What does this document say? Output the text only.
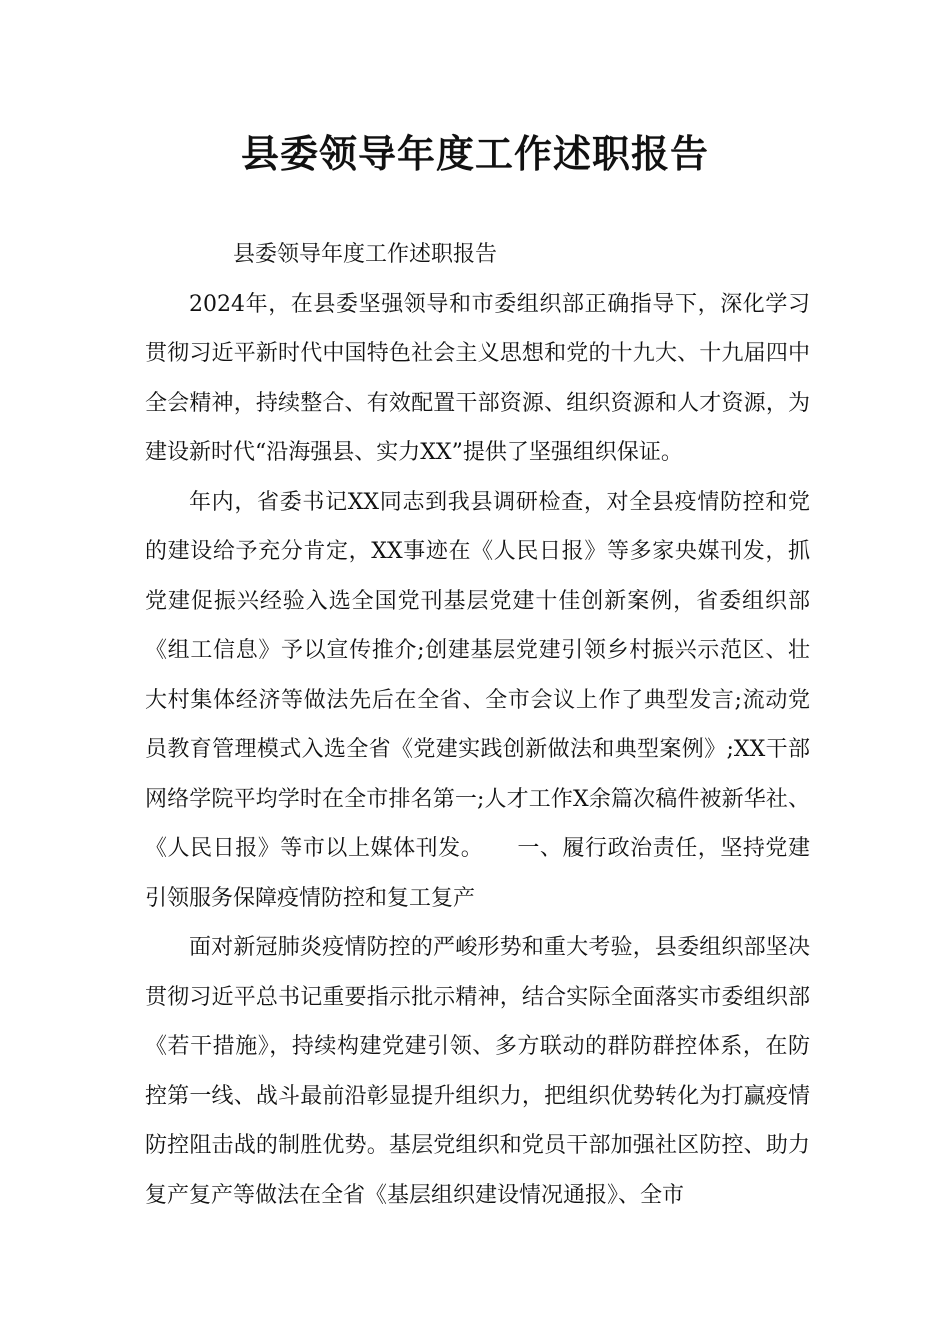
县委领导年度工作述职报告

县委领导年度工作述职报告

2024年，在县委坚强领导和市委组织部正确指导下，深化学习贯彻习近平新时代中国特色社会主义思想和党的十九大、十九届四中全会精神，持续整合、有效配置干部资源、组织资源和人才资源，为建设新时代“沿海强县、实力XX”提供了坚强组织保证。

年内，省委书记XX同志到我县调研检查，对全县疫情防控和党的建设给予充分肯定，XX事迹在《人民日报》等多家央媒刊发，抓党建促振兴经验入选全国党刊基层党建十佳创新案例，省委组织部《组工信息》予以宣传推介;创建基层党建引领乡村振兴示范区、壮大村集体经济等做法先后在全省、全市会议上作了典型发言;流动党员教育管理模式入选全省《党建实践创新做法和典型案例》;XX干部网络学院平均学时在全市排名第一;人才工作X余篇次稿件被新华社、《人民日报》等市以上媒体刊发。　　一、履行政治责任，坚持党建引领服务保障疫情防控和复工复产

面对新冠肺炎疫情防控的严峻形势和重大考验，县委组织部坚决贯彻习近平总书记重要指示批示精神，结合实际全面落实市委组织部《若干措施》，持续构建党建引领、多方联动的群防群控体系，在防控第一线、战斗最前沿彰显提升组织力，把组织优势转化为打赢疫情防控阻击战的制胜优势。基层党组织和党员干部加强社区防控、助力复产复产等做法在全省《基层组织建设情况通报》、全市
